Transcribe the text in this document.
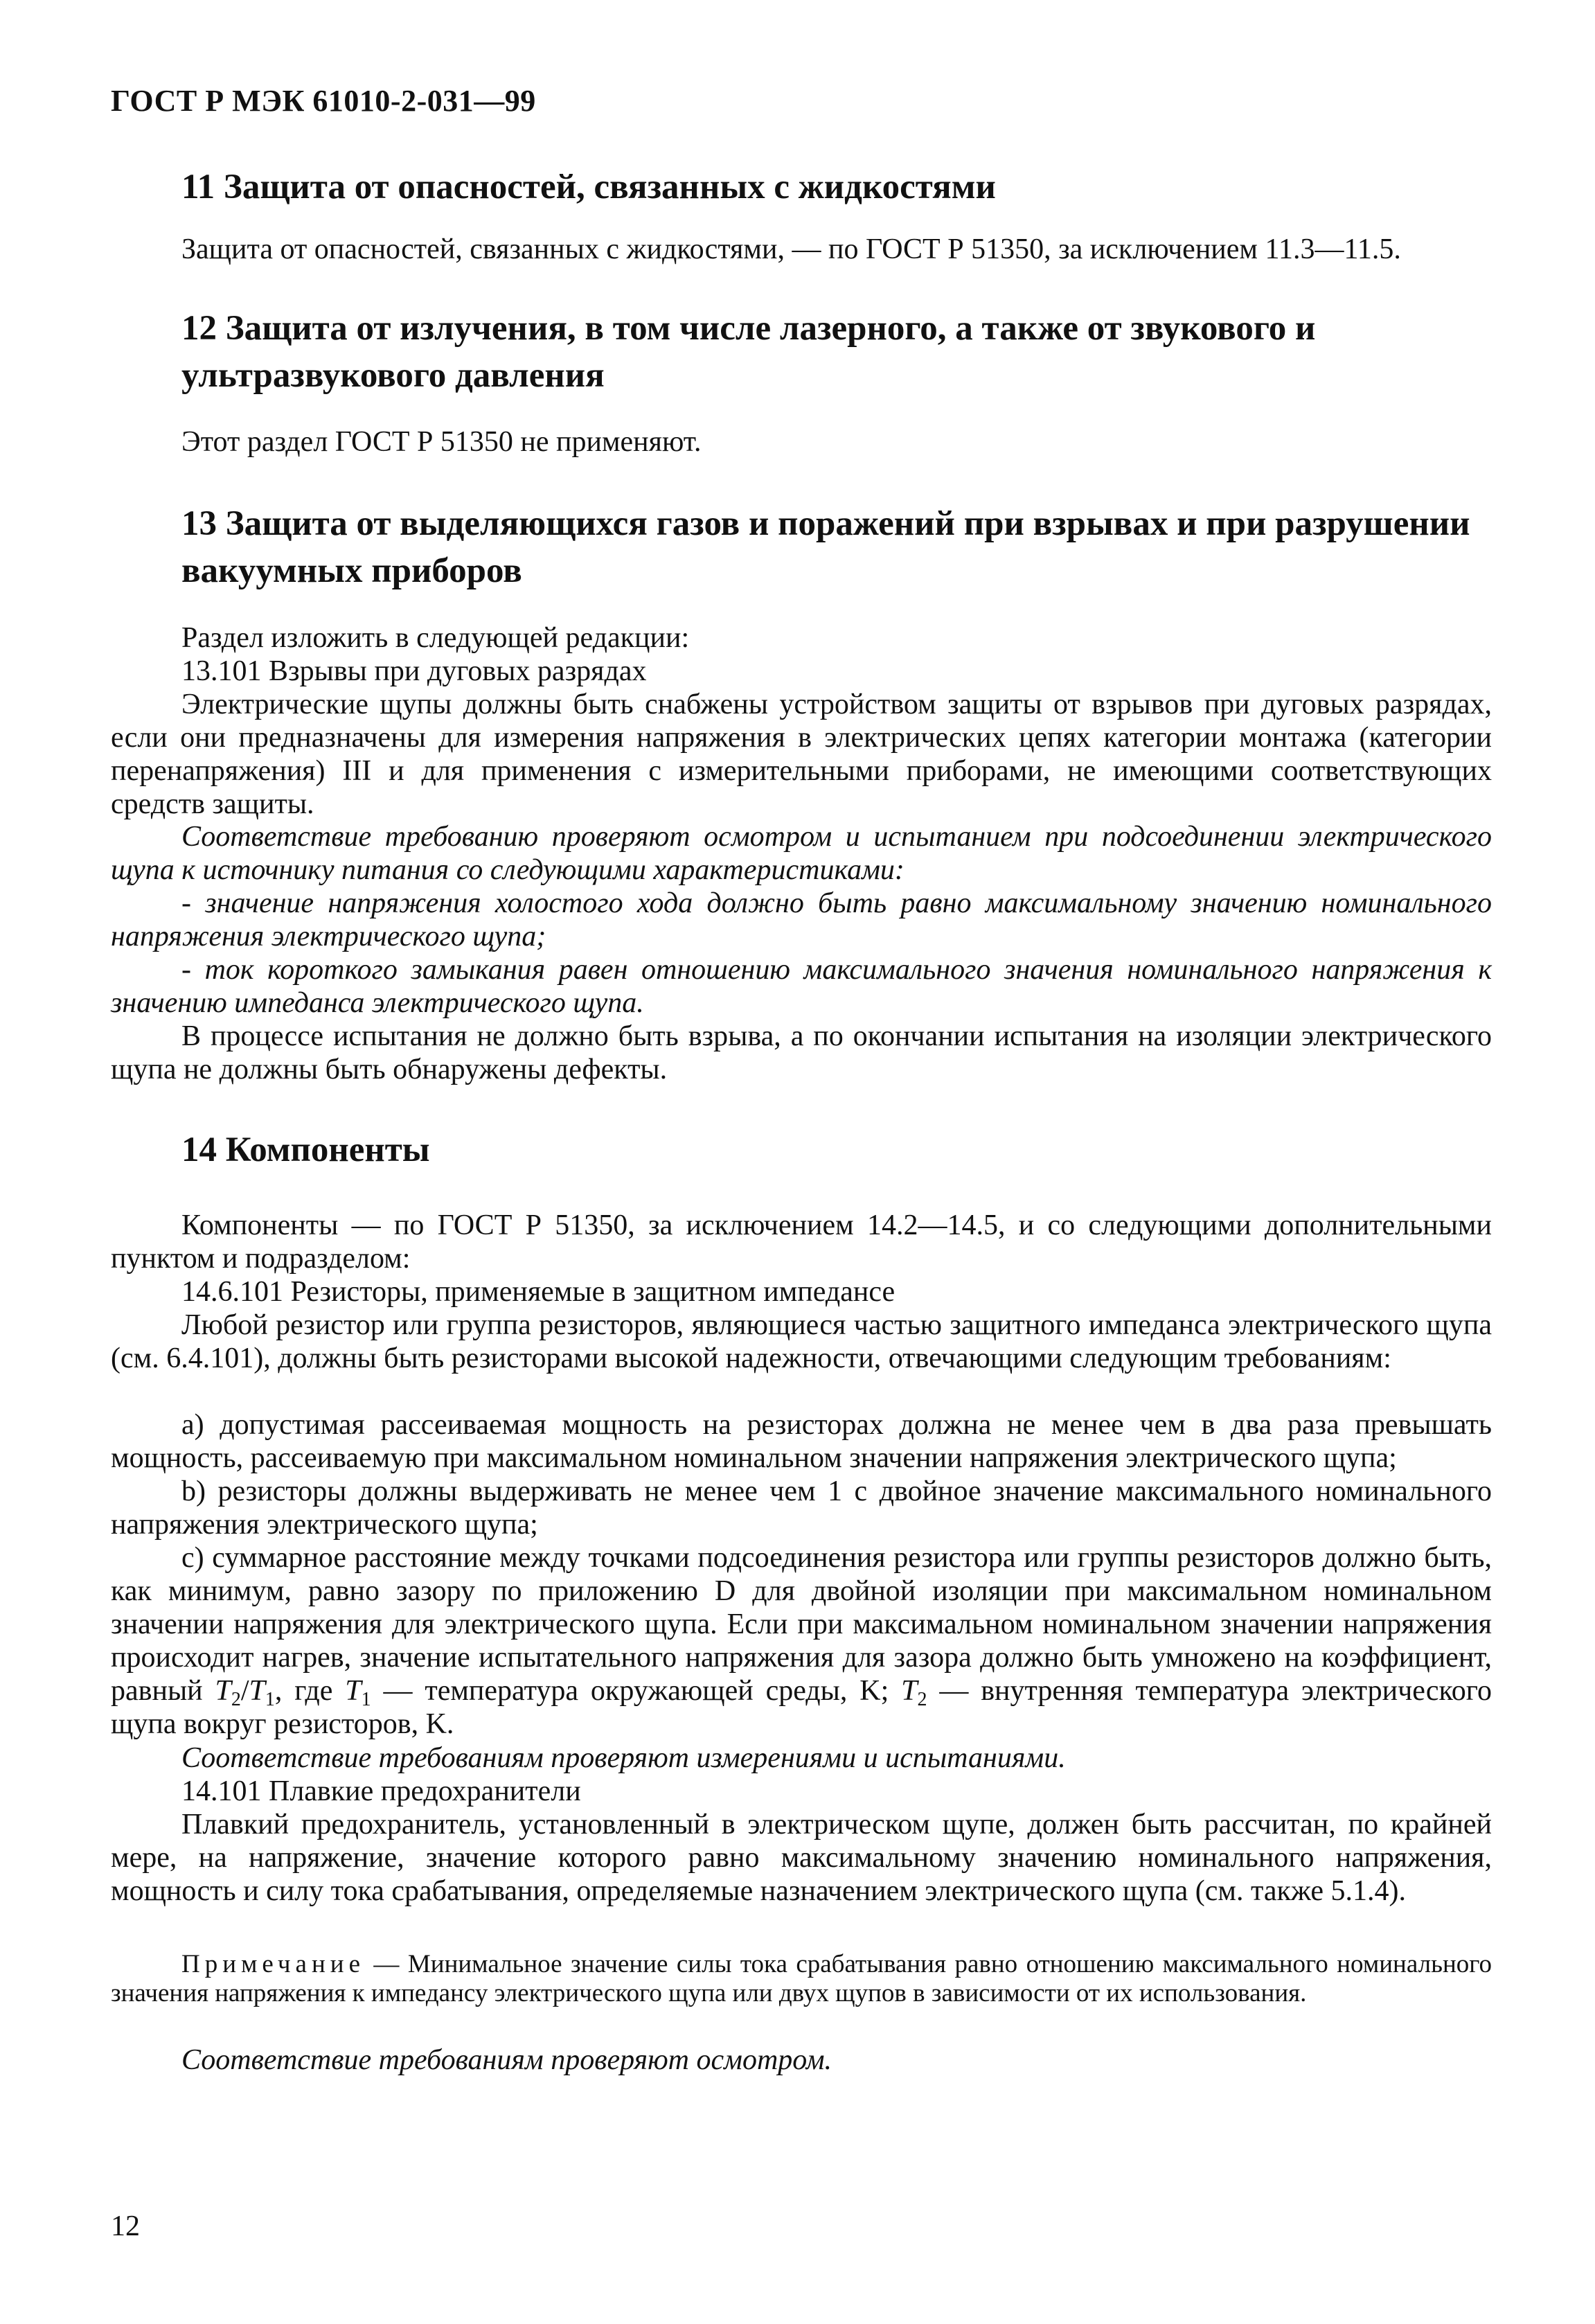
ГОСТ Р МЭК 61010-2-031—99
11 Защита от опасностей, связанных с жидкостями

Защита от опасностей, связанных с жидкостями, — по ГОСТ Р 51350, за исключением 11.3—11.5.

12 Защита от излучения, в том числе лазерного, а также от звукового и ультразвукового давления

Этот раздел ГОСТ Р 51350 не применяют.

13 Защита от выделяющихся газов и поражений при взрывах и при разрушении вакуумных приборов

Раздел изложить в следующей редакции:

13.101 Взрывы при дуговых разрядах

Электрические щупы должны быть снабжены устройством защиты от взрывов при дуговых разрядах, если они предназначены для измерения напряжения в электрических цепях категории монтажа (категории перенапряжения) III и для применения с измерительными приборами, не имеющими соответствующих средств защиты.

Соответствие требованию проверяют осмотром и испытанием при подсоединении электрического щупа к источнику питания со следующими характеристиками:

- значение напряжения холостого хода должно быть равно максимальному значению номинального напряжения электрического щупа;

- ток короткого замыкания равен отношению максимального значения номинального напряжения к значению импеданса электрического щупа.

В процессе испытания не должно быть взрыва, а по окончании испытания на изоляции электрического щупа не должны быть обнаружены дефекты.

14 Компоненты

Компоненты — по ГОСТ Р 51350, за исключением 14.2—14.5, и со следующими дополнительными пунктом и подразделом:

14.6.101 Резисторы, применяемые в защитном импедансе

Любой резистор или группа резисторов, являющиеся частью защитного импеданса электрического щупа (см. 6.4.101), должны быть резисторами высокой надежности, отвечающими следующим требованиям:

а) допустимая рассеиваемая мощность на резисторах должна не менее чем в два раза превышать мощность, рассеиваемую при максимальном номинальном значении напряжения электрического щупа;

b) резисторы должны выдерживать не менее чем 1 с двойное значение максимального номинального напряжения электрического щупа;

с) суммарное расстояние между точками подсоединения резистора или группы резисторов должно быть, как минимум, равно зазору по приложению D для двойной изоляции при максимальном номинальном значении напряжения для электрического щупа. Если при максимальном номинальном значении напряжения происходит нагрев, значение испытательного напряжения для зазора должно быть умножено на коэффициент, равный $T_2/T_1$, где $T_1$ — температура окружающей среды, K; $T_2$ — внутренняя температура электрического щупа вокруг резисторов, K.

Соответствие требованиям проверяют измерениями и испытаниями.

14.101 Плавкие предохранители

Плавкий предохранитель, установленный в электрическом щупе, должен быть рассчитан, по крайней мере, на напряжение, значение которого равно максимальному значению номинального напряжения, мощность и силу тока срабатывания, определяемые назначением электрического щупа (см. также 5.1.4).

Примечание — Минимальное значение силы тока срабатывания равно отношению максимального номинального значения напряжения к импедансу электрического щупа или двух щупов в зависимости от их использования.

Соответствие требованиям проверяют осмотром.

12
